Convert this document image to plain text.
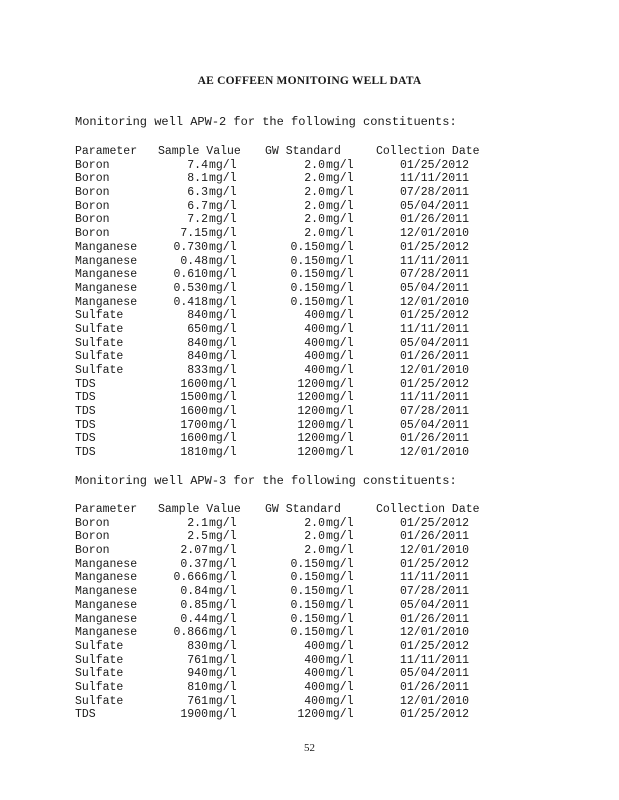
AE COFFEEN MONITOING WELL DATA
Monitoring well APW-2 for the following constituents:
Parameter Sample Value GW Standard	Collection Date
Boron	7.4 mg/l	2.0 mg/l	01/25/2012
Boron	8.1 mg/l	2.0 mg/l	11/11/2011
Boron	6.3 mg/l	2.0 mg/l	07/28/2011
Boron	6.7 mg/l	2.0 mg/l	05/04/2011
Boron	7.2 mg/l	2.0 mg/l	01/26/2011
Boron	7.15 mg/l	2.0 mg/l	12/01/2010
Manganese	0.730 mg/l	0.150 mg/l	01/25/2012
Manganese	0.48 mg/l	0.150 mg/l	11/11/2011
Manganese	0.610 mg/l	0.150 mg/l	07/28/2011
Manganese	0.530 mg/l	0.150 mg/l	05/04/2011
Manganese	0.418 mg/l	0.150 mg/l	12/01/2010
Sulfate	840 mg/l	400 mg/l	01/25/2012
Sulfate	650 mg/l	400 mg/l	11/11/2011
Sulfate	840 mg/l	400 mg/l	05/04/2011
Sulfate	840 mg/l	400 mg/l	01/26/2011
Sulfate	833 mg/l	400 mg/l	12/01/2010
TDS	1600 mg/l	1200 mg/l	01/25/2012
TDS	1500 mg/l	1200 mg/l	11/11/2011
TDS	1600 mg/l	1200 mg/l	07/28/2011
TDS	1700 mg/l	1200 mg/l	05/04/2011
TDS	1600 mg/l	1200 mg/l	01/26/2011
TDS	1810 mg/l	1200 mg/l	12/01/2010
Monitoring well APW-3 for the following constituents:
Parameter Sample Value GW Standard	Collection Date
Boron	2.1 mg/l	2.0 mg/l	01/25/2012
Boron	2.5 mg/l	2.0 mg/l	01/26/2011
Boron	2.07 mg/l	2.0 mg/l	12/01/2010
Manganese	0.37 mg/l	0.150 mg/l	01/25/2012
Manganese	0.666 mg/l	0.150 mg/l	11/11/2011
Manganese	0.84 mg/l	0.150 mg/l	07/28/2011
Manganese	0.85 mg/l	0.150 mg/l	05/04/2011
Manganese	0.44 mg/l	0.150 mg/l	01/26/2011
Manganese	0.866 mg/l	0.150 mg/l	12/01/2010
Sulfate	830 mg/l	400 mg/l	01/25/2012
Sulfate	761 mg/l	400 mg/l	11/11/2011
Sulfate	940 mg/l	400 mg/l	05/04/2011
Sulfate	810 mg/l	400 mg/l	01/26/2011
Sulfate	761 mg/l	400 mg/l	12/01/2010
TDS	1900 mg/l	1200 mg/l	01/25/2012
52
